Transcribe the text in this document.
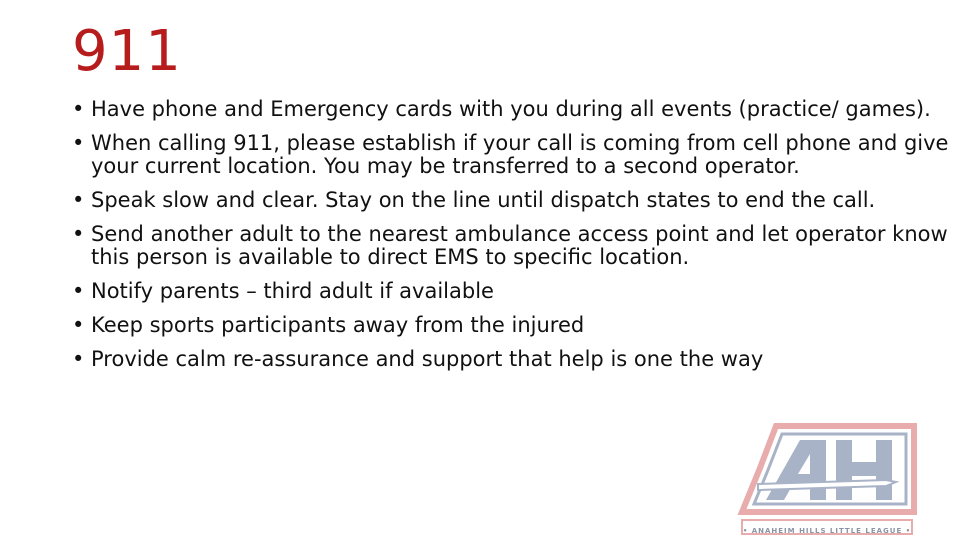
911
• Have phone and Emergency cards with you during all events (practice/ games).
• When calling 911, please establish if your call is coming from cell phone and give your current location. You may be transferred to a second operator.
• Speak slow and clear. Stay on the line until dispatch states to end the call.
• Send another adult to the nearest ambulance access point and let operator know this person is available to direct EMS to specific location.
• Notify parents – third adult if available
• Keep sports participants away from the injured
• Provide calm re-assurance and support that help is one the way
• ANAHEIM HILLS LITTLE LEAGUE •
